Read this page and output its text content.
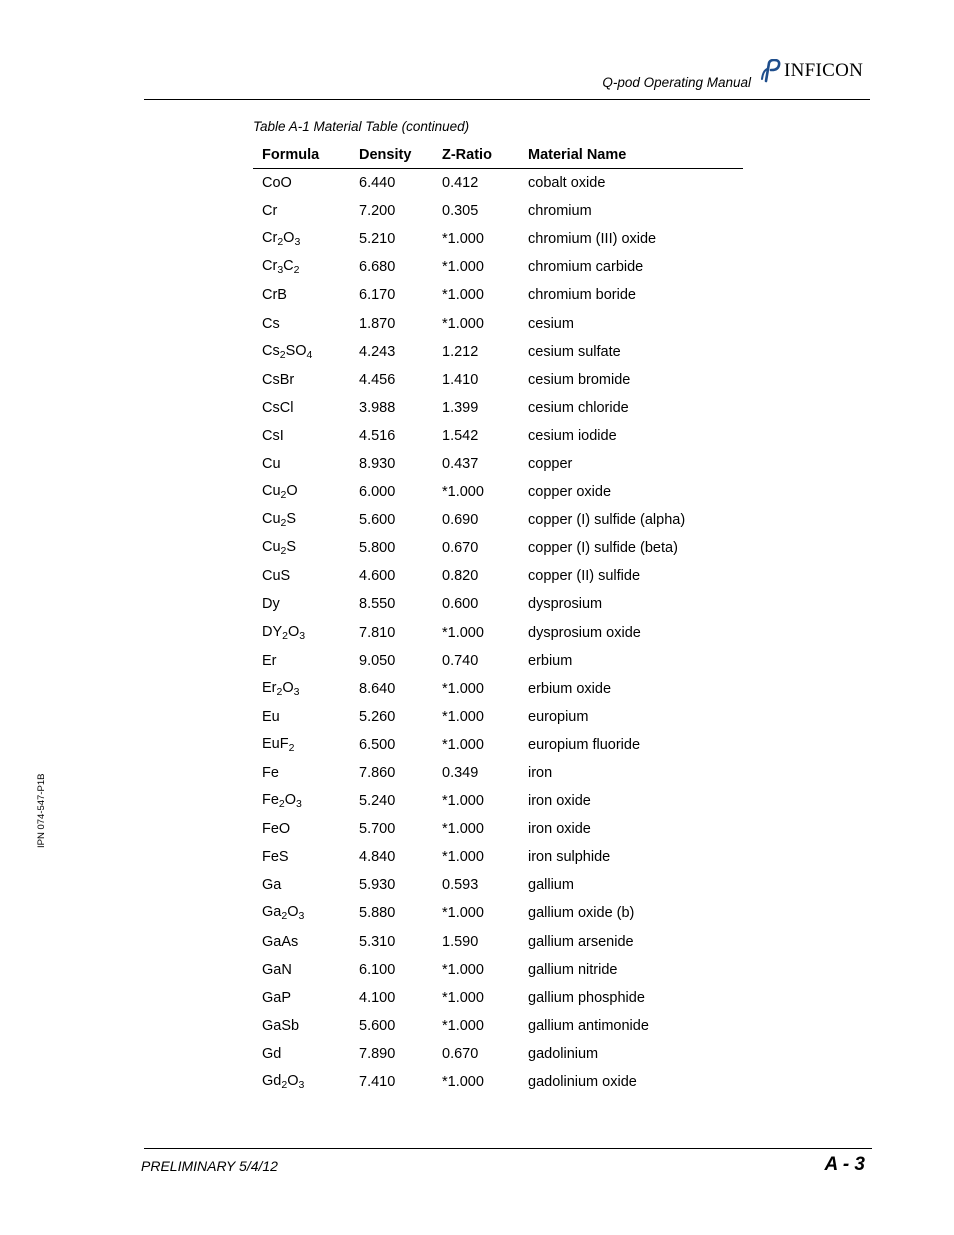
Q-pod Operating Manual
INFICON
Table A-1 Material Table (continued)
Formula	Density	Z-Ratio	Material Name
CoO	6.440	0.412	cobalt oxide
Cr	7.200	0.305	chromium
$Cr_2O_3$	5.210	*1.000	chromium (III) oxide
$Cr_3C_2$	6.680	*1.000	chromium carbide
CrB	6.170	*1.000	chromium boride
Cs	1.870	*1.000	cesium
$Cs_2SO_4$	4.243	1.212	cesium sulfate
CsBr	4.456	1.410	cesium bromide
CsCl	3.988	1.399	cesium chloride
CsI	4.516	1.542	cesium iodide
Cu	8.930	0.437	copper
$Cu_2O$	6.000	*1.000	copper oxide
$Cu_2S$	5.600	0.690	copper (I) sulfide (alpha)
$Cu_2S$	5.800	0.670	copper (I) sulfide (beta)
CuS	4.600	0.820	copper (II) sulfide
Dy	8.550	0.600	dysprosium
$DY_2O_3$	7.810	*1.000	dysprosium oxide
Er	9.050	0.740	erbium
$Er_2O_3$	8.640	*1.000	erbium oxide
Eu	5.260	*1.000	europium
EuF$_2$	6.500	*1.000	europium fluoride
Fe	7.860	0.349	iron
$Fe_2O_3$	5.240	*1.000	iron oxide
FeO	5.700	*1.000	iron oxide
FeS	4.840	*1.000	iron sulphide
Ga	5.930	0.593	gallium
$Ga_2O_3$	5.880	*1.000	gallium oxide (b)
GaAs	5.310	1.590	gallium arsenide
GaN	6.100	*1.000	gallium nitride
GaP	4.100	*1.000	gallium phosphide
GaSb	5.600	*1.000	gallium antimonide
Gd	7.890	0.670	gadolinium
$Gd_2O_3$	7.410	*1.000	gadolinium oxide
IPN 074-547-P1B
PRELIMINARY 5/4/12	A - 3
